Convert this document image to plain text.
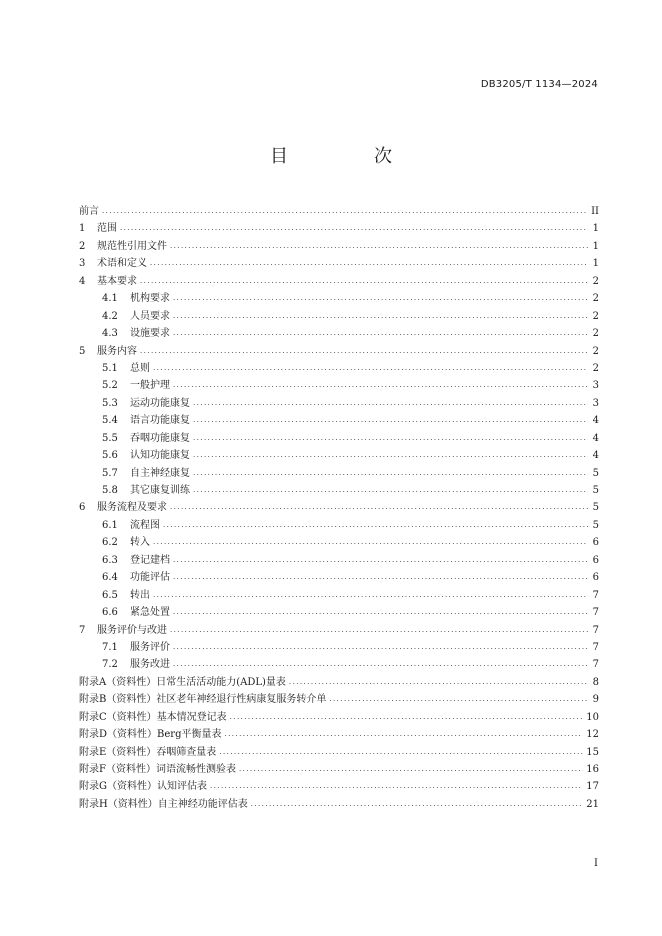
DB3205/T 1134—2024
目　次
前言 . . .	II
1	范围 . . .	1
2	规范性引用文件 . . .	1
3	术语和定义 . . .	1
4	基本要求 . . .	2
4.1	机构要求 . . .	2
4.2	人员要求 . . .	2
4.3	设施要求 . . .	2
5	服务内容 . . .	2
5.1	总则 . . .	2
5.2	一般护理 . . .	3
5.3	运动功能康复 . . .	3
5.4	语言功能康复 . . .	4
5.5	吞咽功能康复 . . .	4
5.6	认知功能康复 . . .	4
5.7	自主神经康复 . . .	5
5.8	其它康复训练 . . .	5
6	服务流程及要求 . . .	5
6.1	流程图 . . .	5
6.2	转入 . . .	6
6.3	登记建档 . . .	6
6.4	功能评估 . . .	6
6.5	转出 . . .	7
6.6	紧急处置 . . .	7
7	服务评价与改进 . . .	7
7.1	服务评价 . . .	7
7.2	服务改进 . . .	7
附录A（资料性） 日常生活活动能力(ADL)量表 . . .	8
附录B（资料性） 社区老年神经退行性病康复服务转介单 . . .	9
附录C（资料性） 基本情况登记表 . . .	10
附录D（资料性） Berg平衡量表 . . .	12
附录E（资料性） 吞咽筛查量表 . . .	15
附录F（资料性） 词语流畅性测验表 . . .	16
附录G（资料性） 认知评估表 . . .	17
附录H（资料性） 自主神经功能评估表 . . .	21
I
